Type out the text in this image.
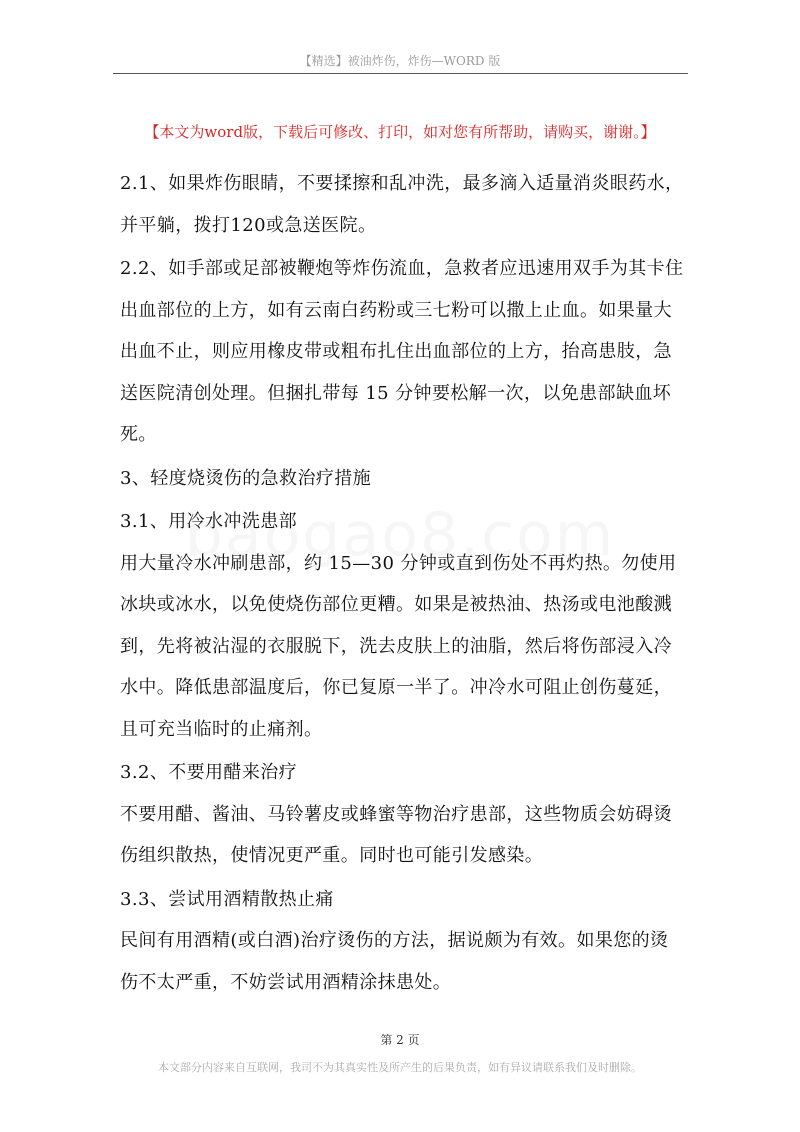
【精选】被油炸伤，炸伤—WORD 版
【本文为word版，下载后可修改、打印，如对您有所帮助，请购买，谢谢。】

2.1、如果炸伤眼睛，不要揉擦和乱冲洗，最多滴入适量消炎眼药水，并平躺，拨打120或急送医院。

2.2、如手部或足部被鞭炮等炸伤流血，急救者应迅速用双手为其卡住出血部位的上方，如有云南白药粉或三七粉可以撒上止血。如果量大出血不止，则应用橡皮带或粗布扎住出血部位的上方，抬高患肢，急送医院清创处理。但捆扎带每 15 分钟要松解一次，以免患部缺血坏死。

3、轻度烧烫伤的急救治疗措施

3.1、用冷水冲洗患部

用大量冷水冲刷患部，约 15—30 分钟或直到伤处不再灼热。勿使用冰块或冰水，以免使烧伤部位更糟。如果是被热油、热汤或电池酸溅到，先将被沾湿的衣服脱下，洗去皮肤上的油脂，然后将伤部浸入冷水中。降低患部温度后，你已复原一半了。冲冷水可阻止创伤蔓延，且可充当临时的止痛剂。

3.2、不要用醋来治疗

不要用醋、酱油、马铃薯皮或蜂蜜等物治疗患部，这些物质会妨碍烫伤组织散热，使情况更严重。同时也可能引发感染。

3.3、尝试用酒精散热止痛

民间有用酒精(或白酒)治疗烫伤的方法，据说颇为有效。如果您的烫伤不太严重，不妨尝试用酒精涂抹患处。

第 2 页
本文部分内容来自互联网，我司不为其真实性及所产生的后果负责，如有异议请联系我们及时删除。
